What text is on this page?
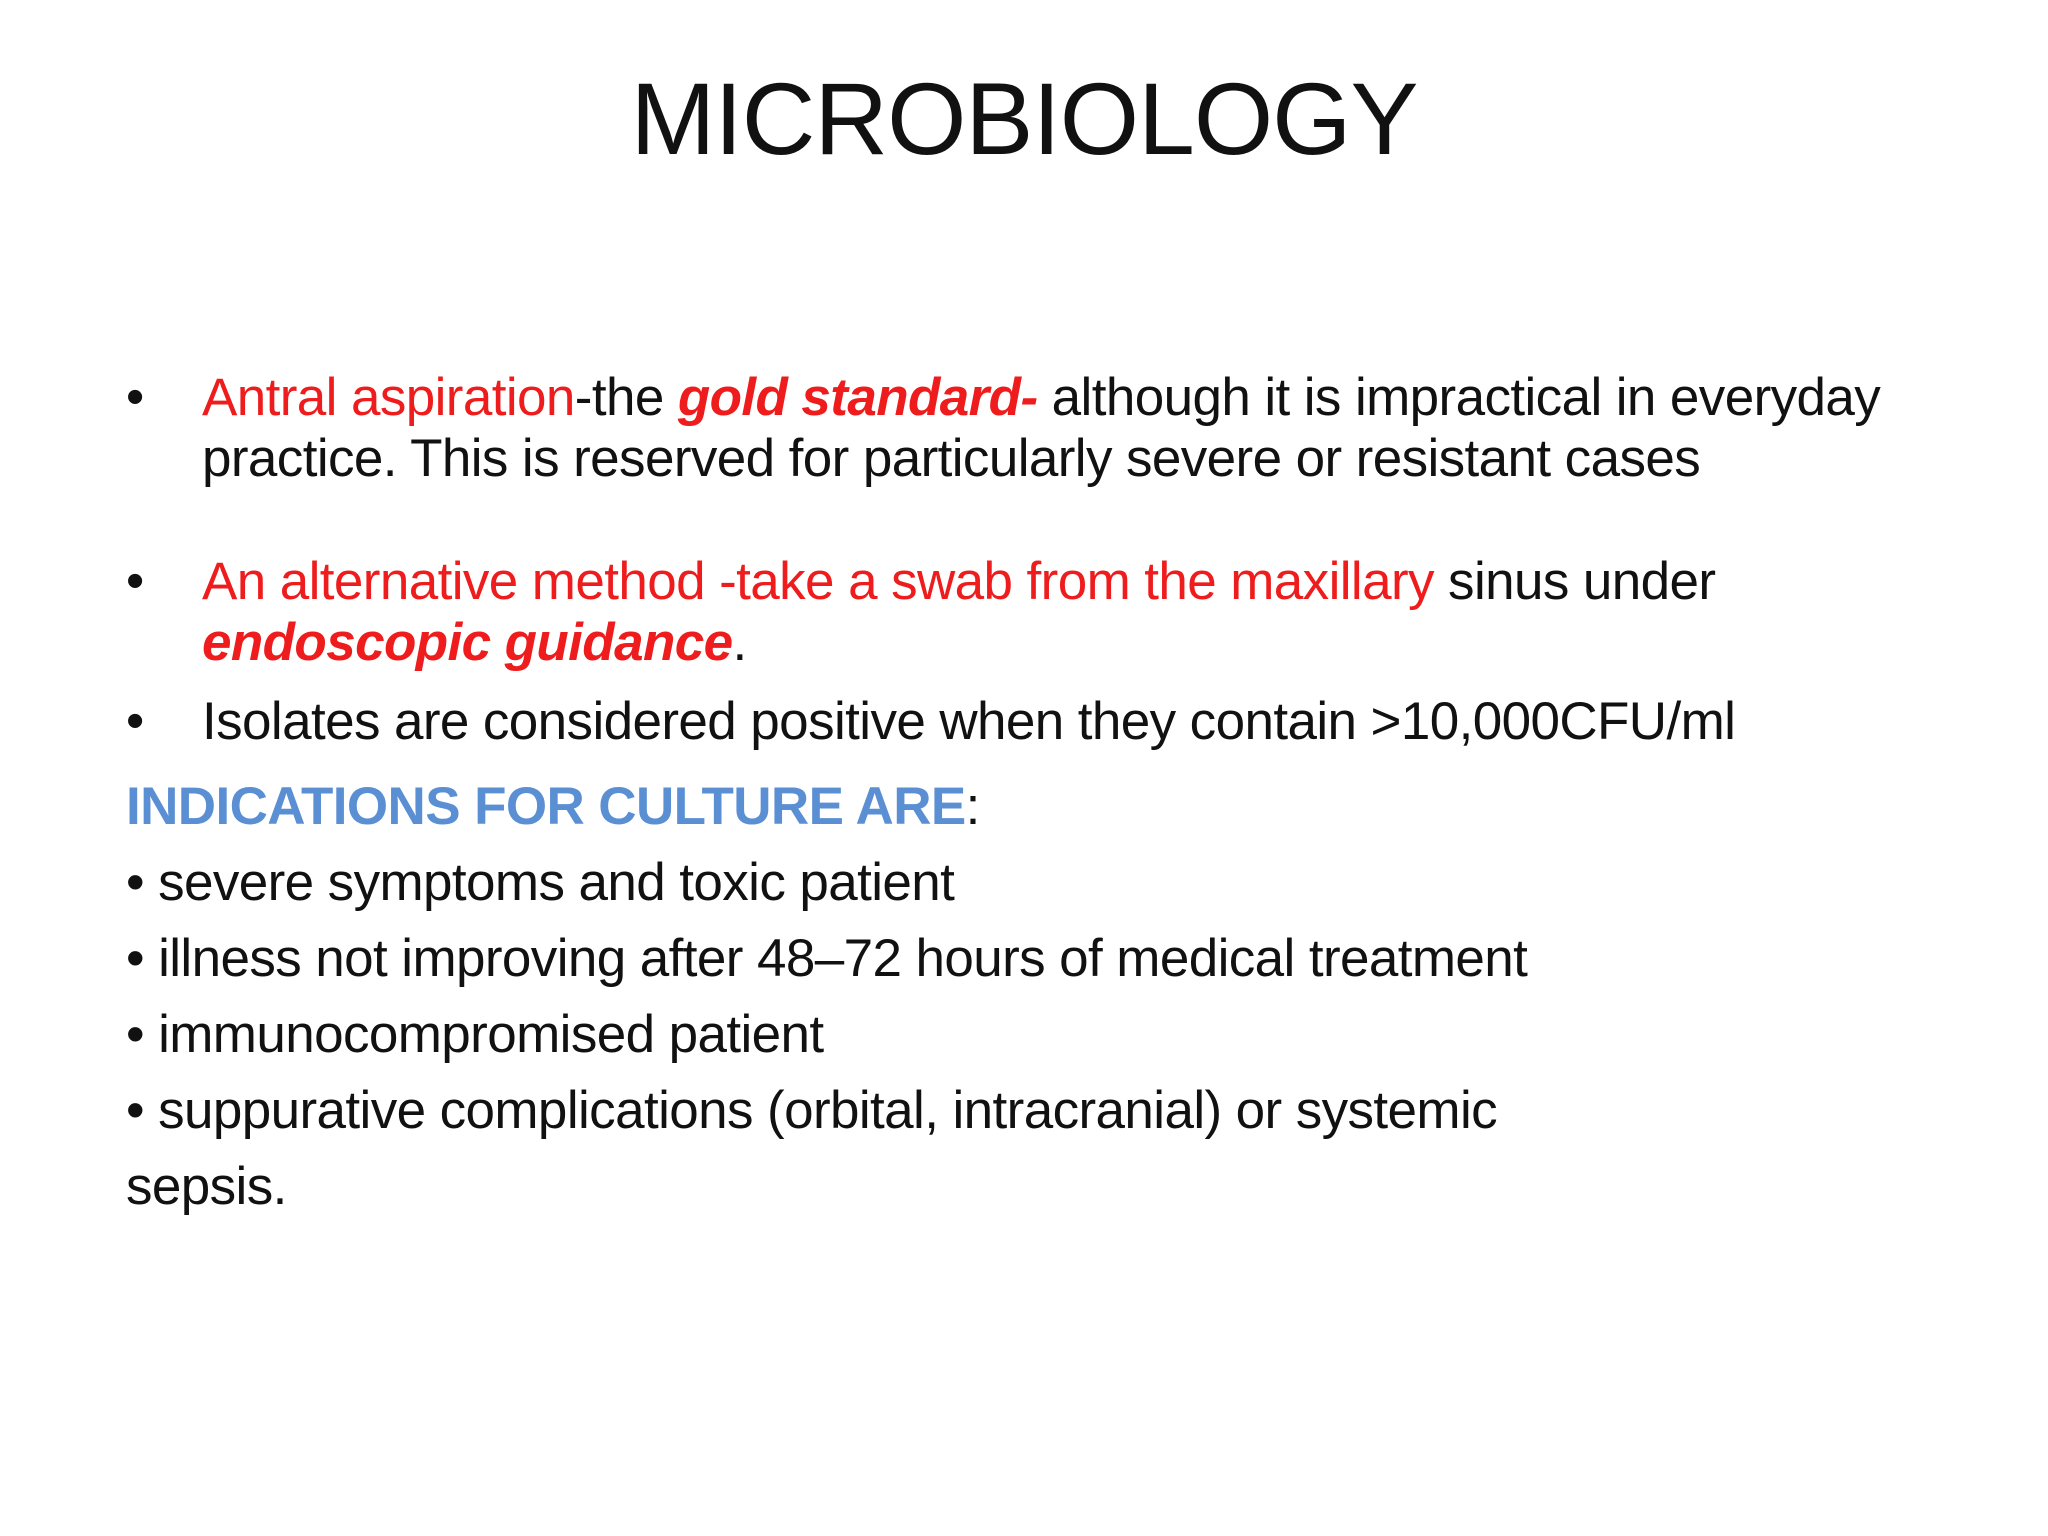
MICROBIOLOGY
•	Antral aspiration-the gold standard- although it is impractical in everyday practice. This is reserved for particularly severe or resistant cases
•	An alternative method -take a swab from the maxillary sinus under endoscopic guidance.
•	Isolates are considered positive when they contain >10,000CFU/ml
INDICATIONS FOR CULTURE ARE:
• severe symptoms and toxic patient
• illness not improving after 48–72 hours of medical treatment
• immunocompromised patient
• suppurative complications (orbital, intracranial) or systemic
sepsis.
